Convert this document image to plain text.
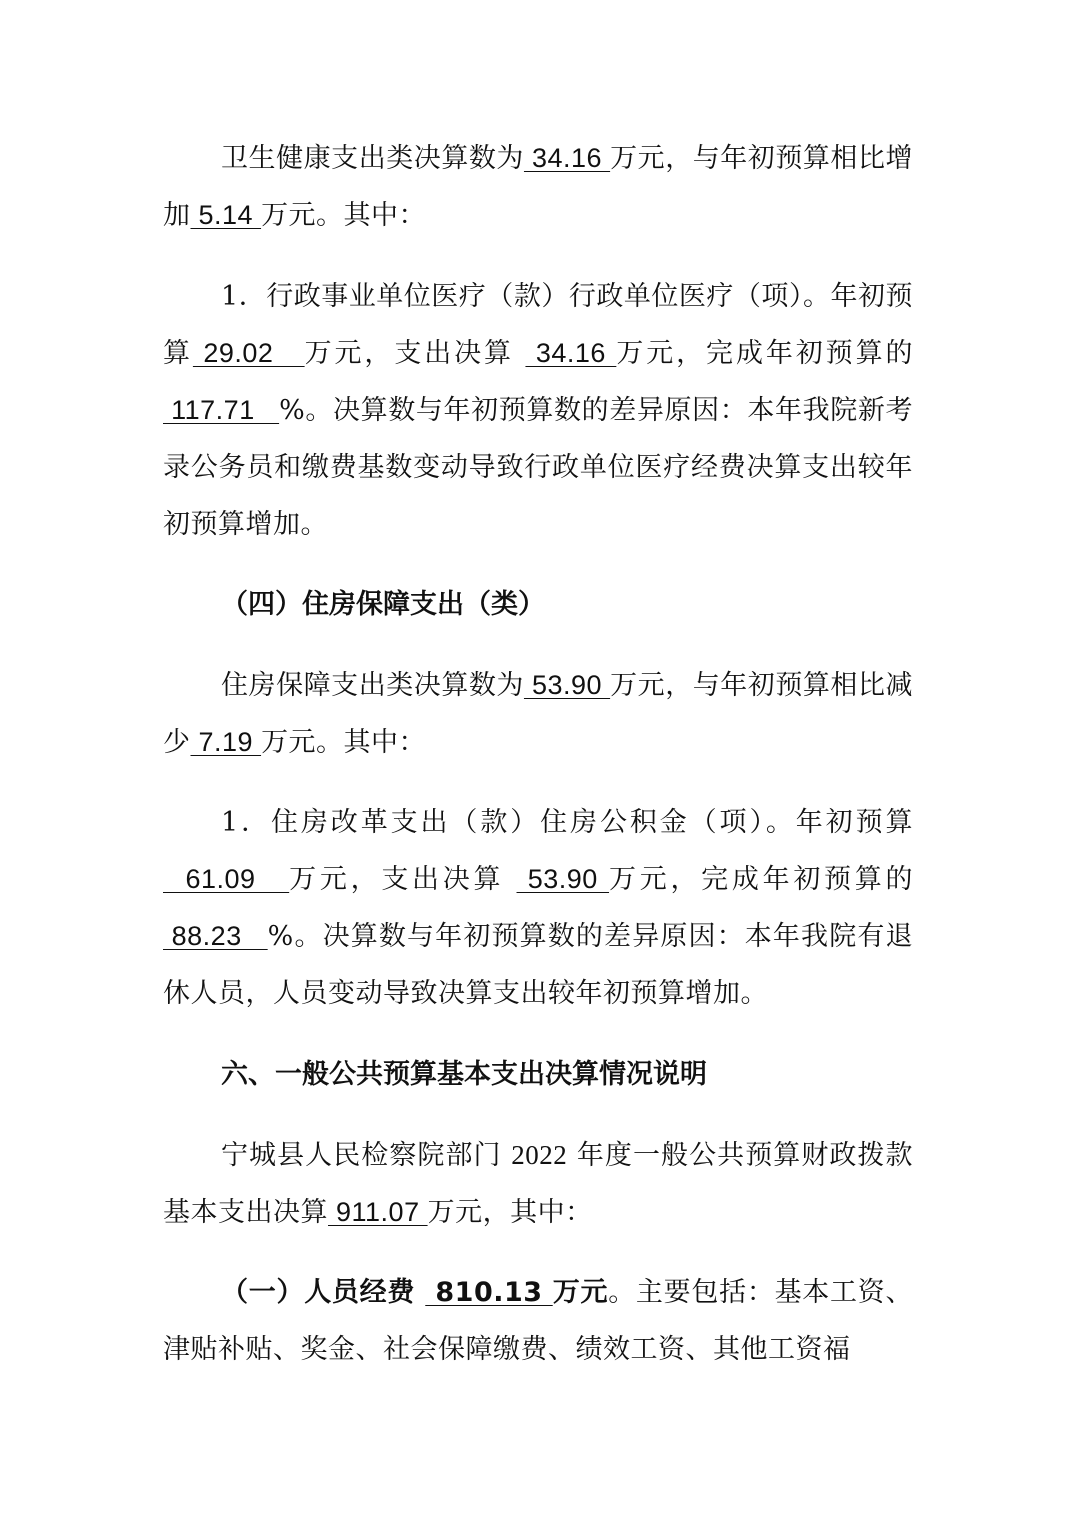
卫生健康支出类决算数为 34.16 万元，与年初预算相比增加 5.14 万元。其中：

1．行政事业单位医疗（款）行政单位医疗（项）。年初预算 29.02   万元，支出决算  34.16 万元，完成年初预算的 117.71   %。决算数与年初预算数的差异原因：本年我院新考录公务员和缴费基数变动导致行政单位医疗经费决算支出较年初预算增加。

（四）住房保障支出（类）

住房保障支出类决算数为 53.90 万元，与年初预算相比减少 7.19 万元。其中：

1．住房改革支出（款）住房公积金（项）。年初预算  61.09   万元，支出决算  53.90 万元，完成年初预算的 88.23   %。决算数与年初预算数的差异原因：本年我院有退休人员，人员变动导致决算支出较年初预算增加。

六、一般公共预算基本支出决算情况说明

宁城县人民检察院部门 2022 年度一般公共预算财政拨款基本支出决算 911.07 万元，其中：

（一）人员经费  810.13 万元。主要包括：基本工资、津贴补贴、奖金、社会保障缴费、绩效工资、其他工资福
